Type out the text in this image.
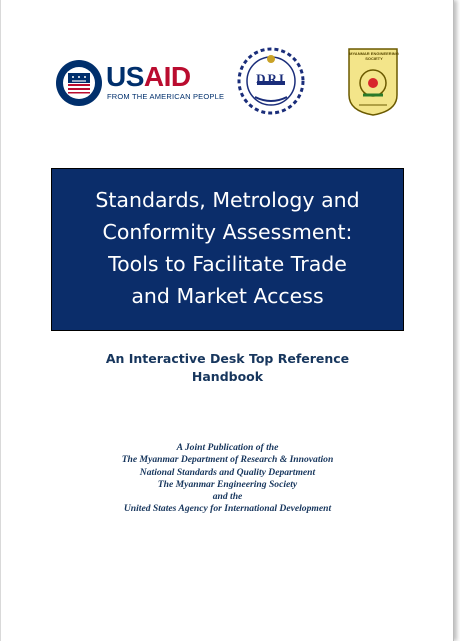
USAID
FROM THE AMERICAN PEOPLE
DRI
MYANMAR ENGINEERING SOCIETY
Standards, Metrology and
Conformity Assessment:
Tools to Facilitate Trade
and Market Access
An Interactive Desk Top Reference
Handbook
A Joint Publication of the
The Myanmar Department of Research & Innovation
National Standards and Quality Department
The Myanmar Engineering Society
and the
United States Agency for International Development
